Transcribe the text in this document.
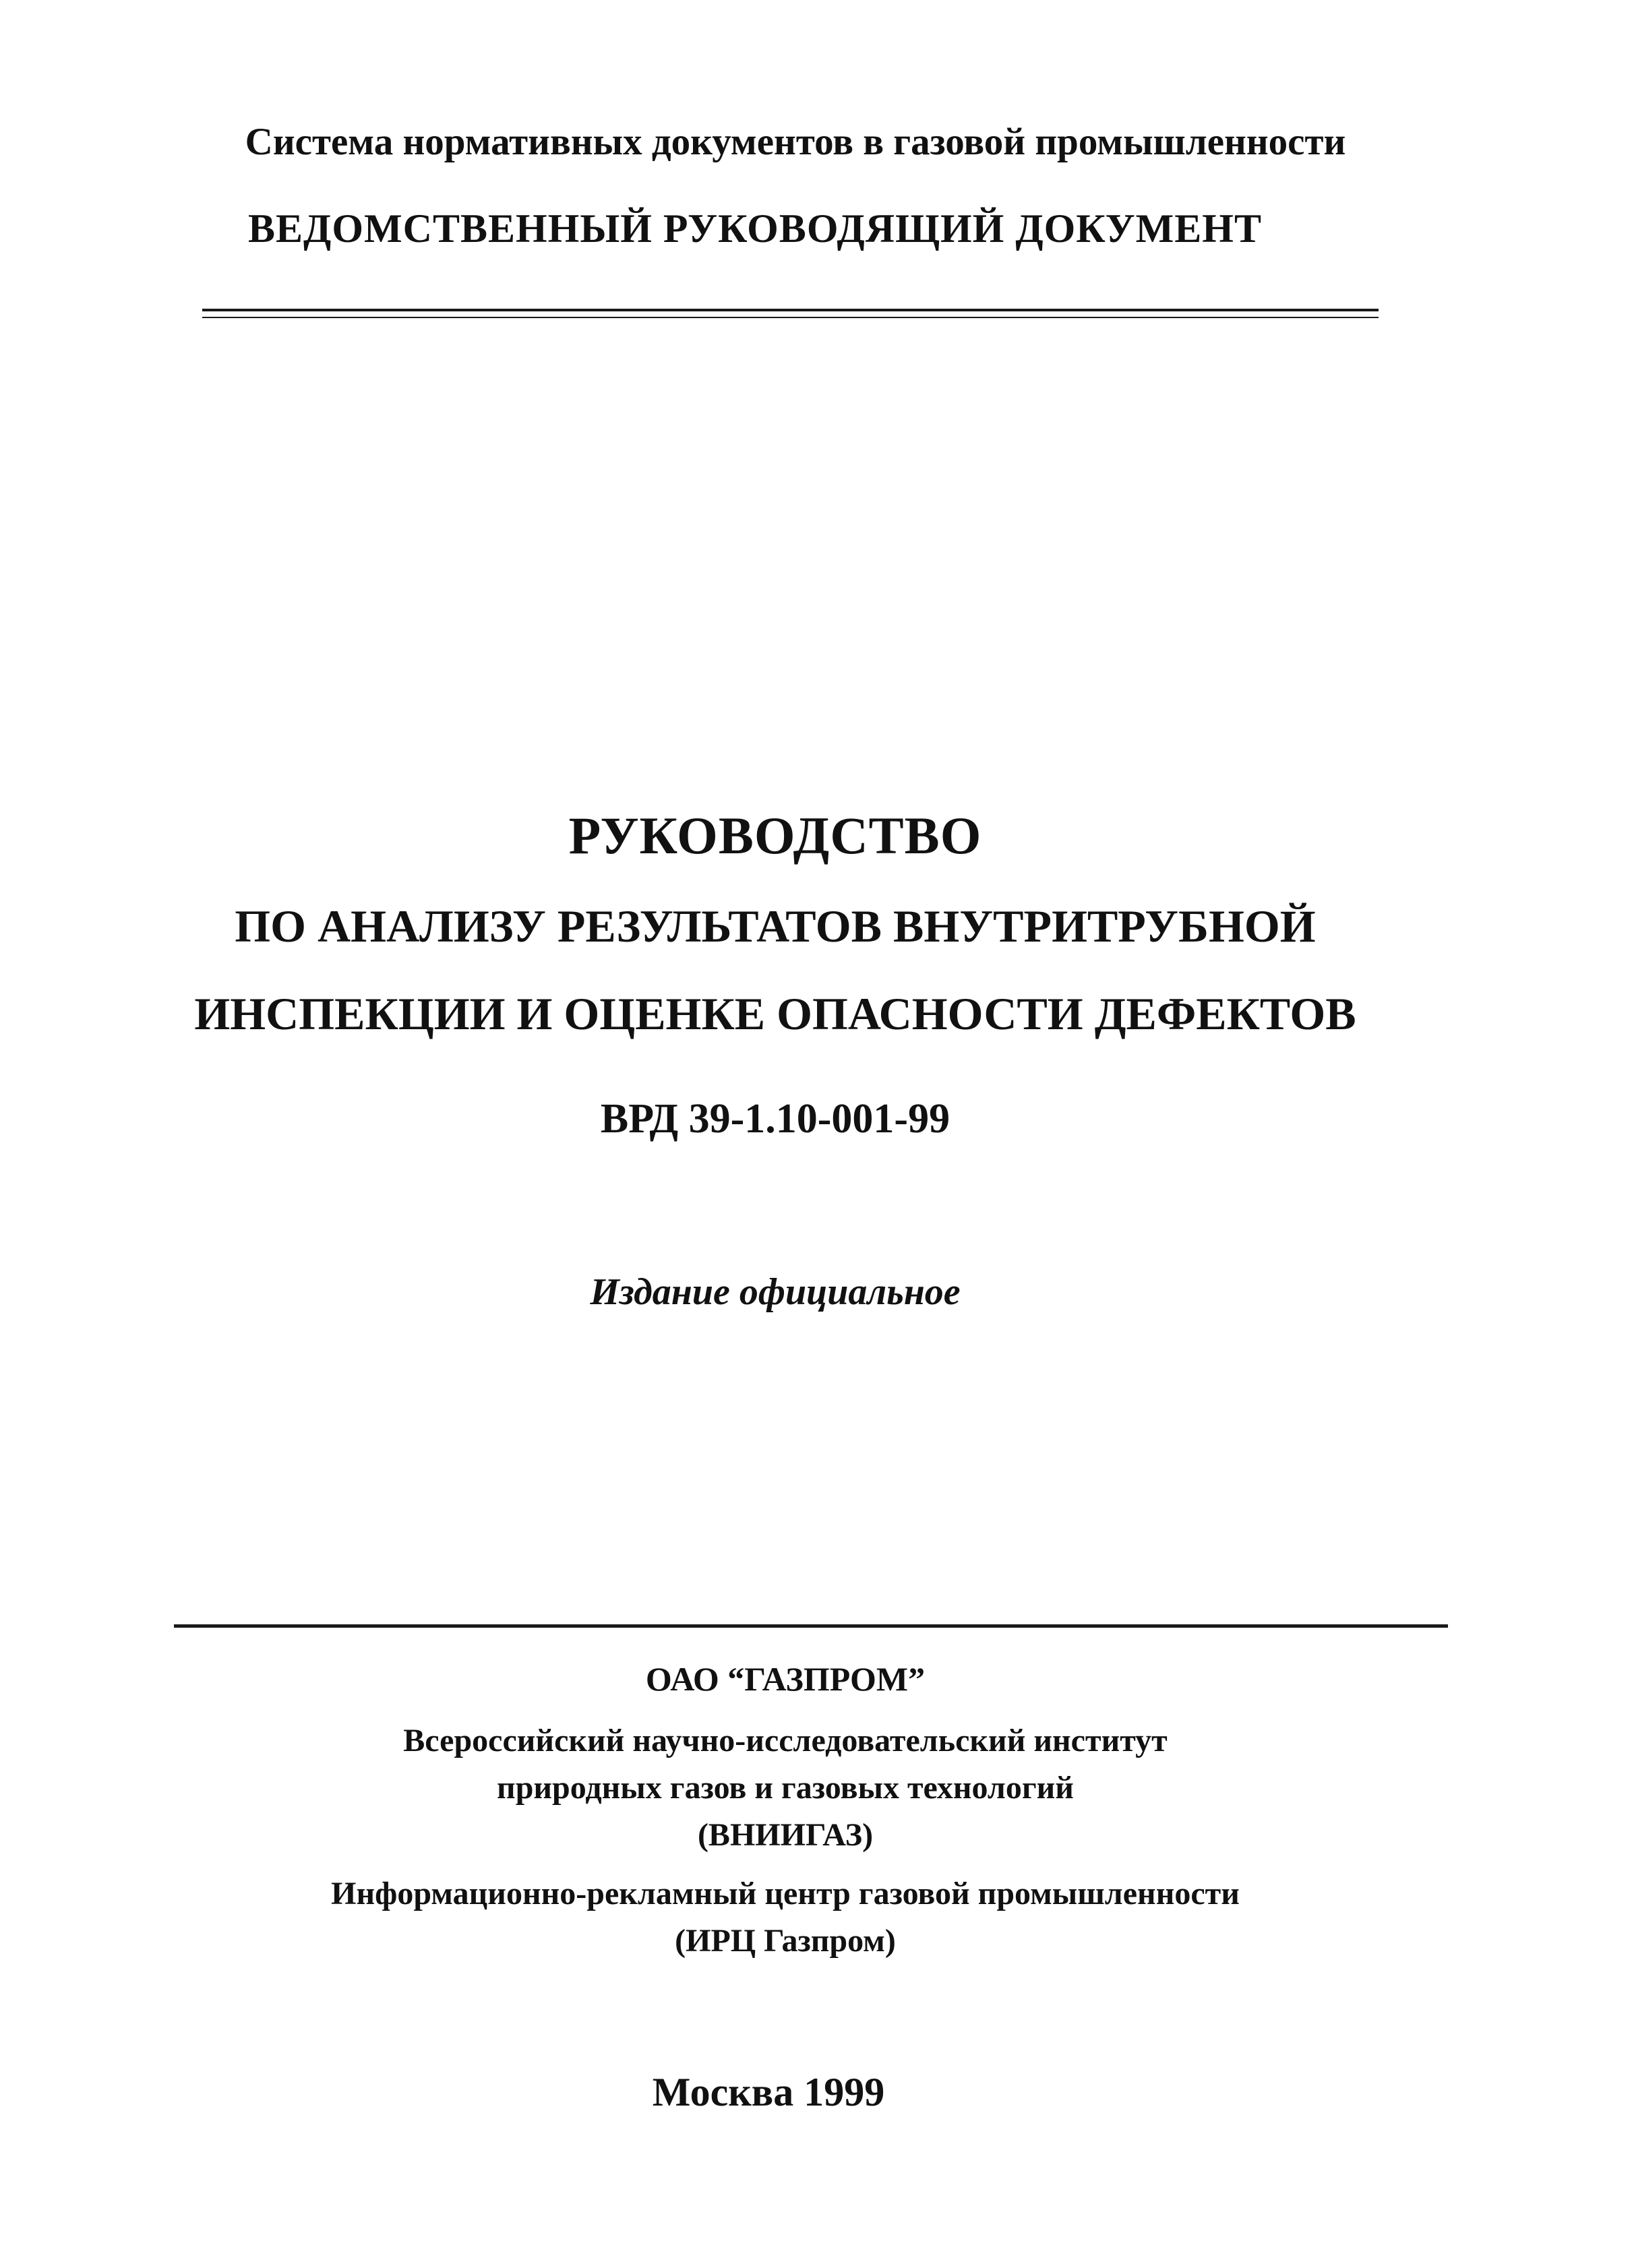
Система нормативных документов в газовой промышленности
ВЕДОМСТВЕННЫЙ РУКОВОДЯЩИЙ ДОКУМЕНТ
РУКОВОДСТВО
ПО АНАЛИЗУ РЕЗУЛЬТАТОВ ВНУТРИТРУБНОЙ
ИНСПЕКЦИИ И ОЦЕНКЕ ОПАСНОСТИ ДЕФЕКТОВ
ВРД 39-1.10-001-99
Издание официальное
ОАО “ГАЗПРОМ”
Всероссийский научно-исследовательский институт
природных газов и газовых технологий
(ВНИИГАЗ)
Информационно-рекламный центр газовой промышленности
(ИРЦ Газпром)
Москва 1999
